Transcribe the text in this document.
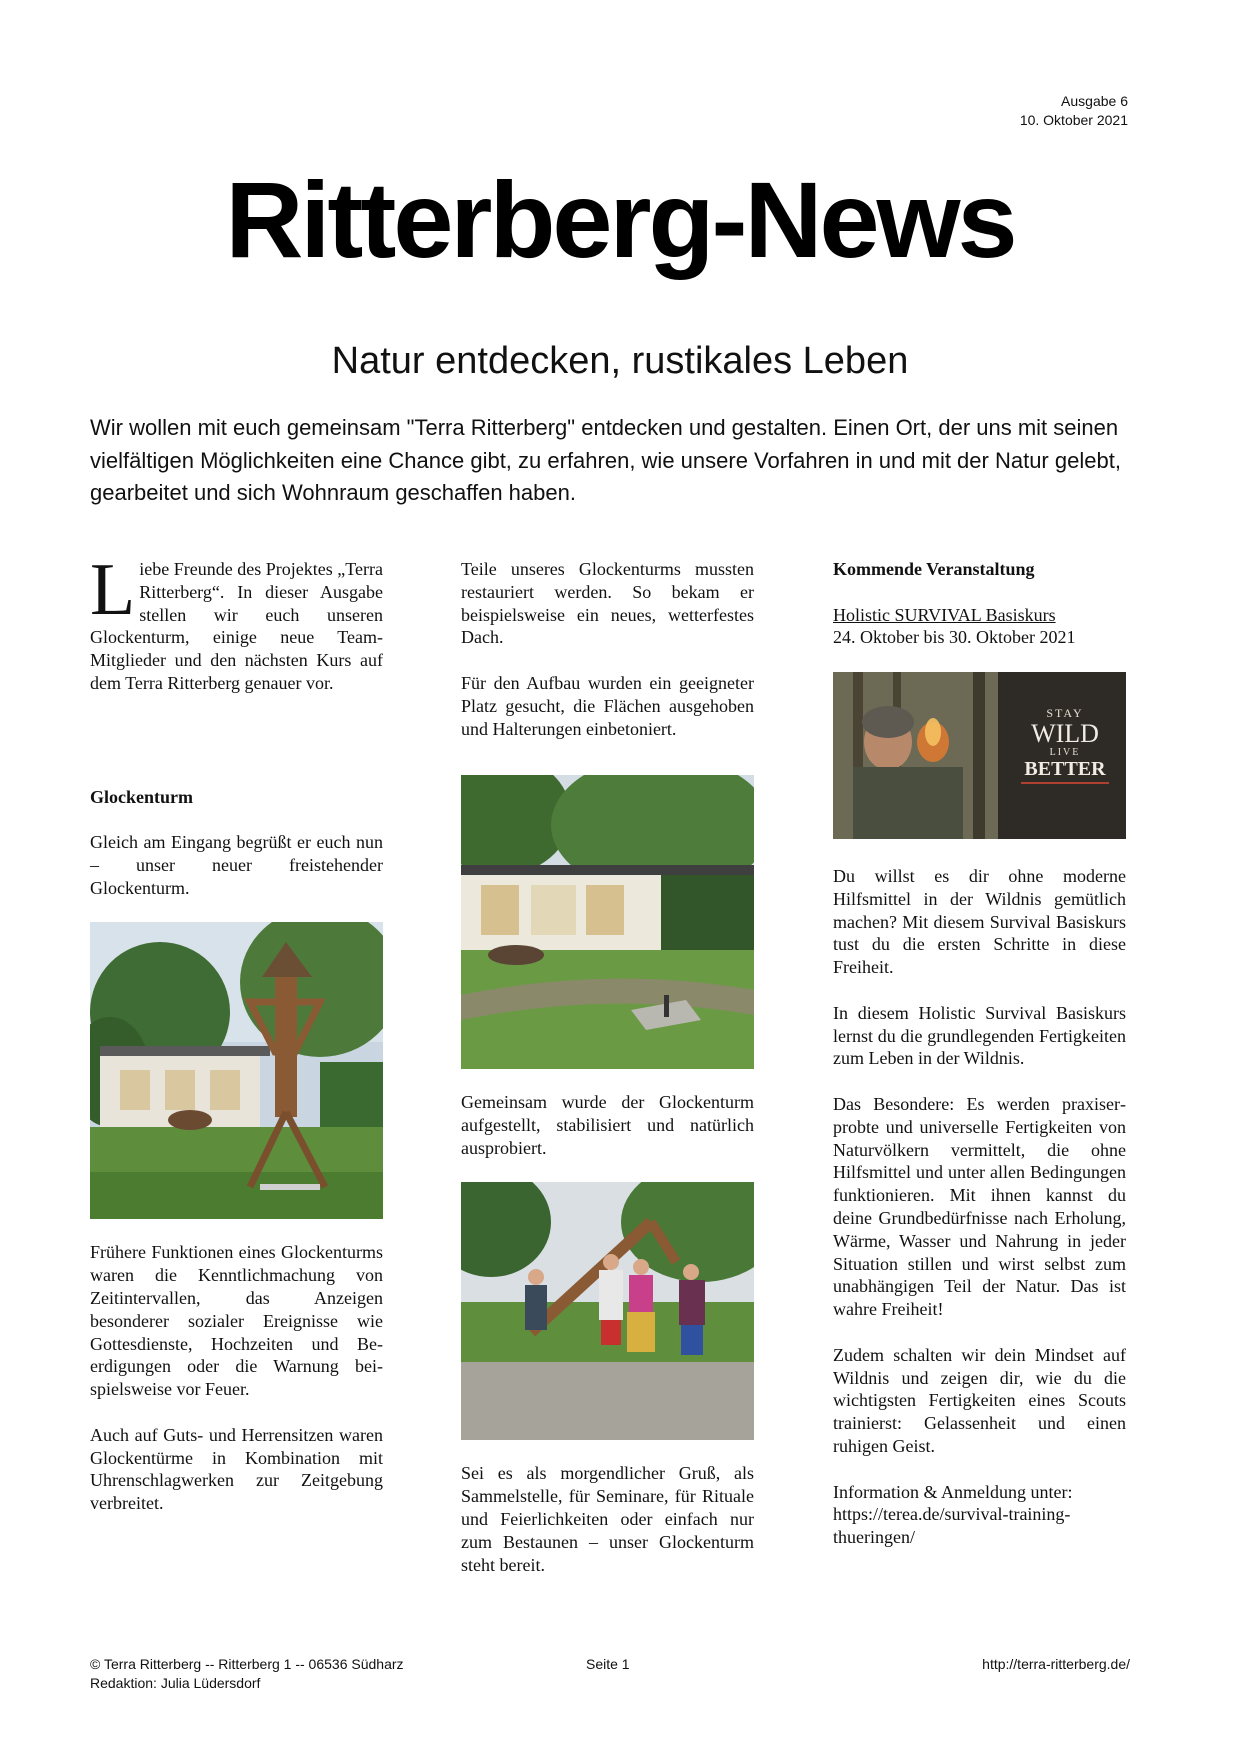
Ausgabe 6
10. Oktober 2021
Ritterberg-News
Natur entdecken, rustikales Leben
Wir wollen mit euch gemeinsam "Terra Ritterberg" entdecken und gestalten. Einen Ort, der uns mit seinen vielfältigen Möglichkeiten eine Chance gibt, zu erfahren, wie unsere Vorfahren in und mit der Natur gelebt, gearbeitet und sich Wohnraum geschaffen haben.

Liebe Freunde des Projektes „Terra Ritterberg“. In dieser Ausgabe stellen wir euch unseren Glockenturm, einige neue Team-Mitglieder und den nächsten Kurs auf dem Terra Ritterberg genauer vor.

Glockenturm

Gleich am Eingang begrüßt er euch nun – unser neuer freistehender Glockenturm.

Frühere Funktionen eines Glockenturms waren die Kenntlichmachung von Zeitintervallen, das Anzeigen besonderer sozialer Ereignisse wie Gottesdienste, Hochzeiten und Beerdigungen oder die Warnung beispielsweise vor Feuer.

Auch auf Guts- und Herrensitzen waren Glockentürme in Kombination mit Uhrenschlagwerken zur Zeitgebung verbreitet.

Teile unseres Glockenturms mussten restauriert werden. So bekam er beispielsweise ein neues, wetterfestes Dach.

Für den Aufbau wurden ein geeigneter Platz gesucht, die Flächen ausgehoben und Halterungen einbetoniert.

Gemeinsam wurde der Glockenturm aufgestellt, stabilisiert und natürlich ausprobiert.

Sei es als morgendlicher Gruß, als Sammelstelle, für Seminare, für Rituale und Feierlichkeiten oder einfach nur zum Bestaunen – unser Glockenturm steht bereit.

Kommende Veranstaltung
Holistic SURVIVAL Basiskurs

24. Oktober bis 30. Oktober 2021

STAY
WILD
LIVE
BETTER

Du willst es dir ohne moderne Hilfsmittel in der Wildnis gemütlich machen? Mit diesem Survival Basiskurs tust du die ersten Schritte in diese Freiheit.

In diesem Holistic Survival Basiskurs lernst du die grundlegenden Fertigkeiten zum Leben in der Wildnis.

Das Besondere: Es werden praxiserprobte und universelle Fertigkeiten von Naturvölkern vermittelt, die ohne Hilfsmittel und unter allen Bedingungen funktionieren. Mit ihnen kannst du deine Grundbedürfnisse nach Erholung, Wärme, Wasser und Nahrung in jeder Situation stillen und wirst selbst zum unabhängigen Teil der Natur. Das ist wahre Freiheit!

Zudem schalten wir dein Mindset auf Wildnis und zeigen dir, wie du die wichtigsten Fertigkeiten eines Scouts trainierst: Gelassenheit und einen ruhigen Geist.

Information & Anmeldung unter: https://terea.de/survival-training-thueringen/

© Terra Ritterberg -- Ritterberg 1 -- 06536 Südharz
Redaktion: Julia Lüdersdorf
Seite 1	http://terra-ritterberg.de/
